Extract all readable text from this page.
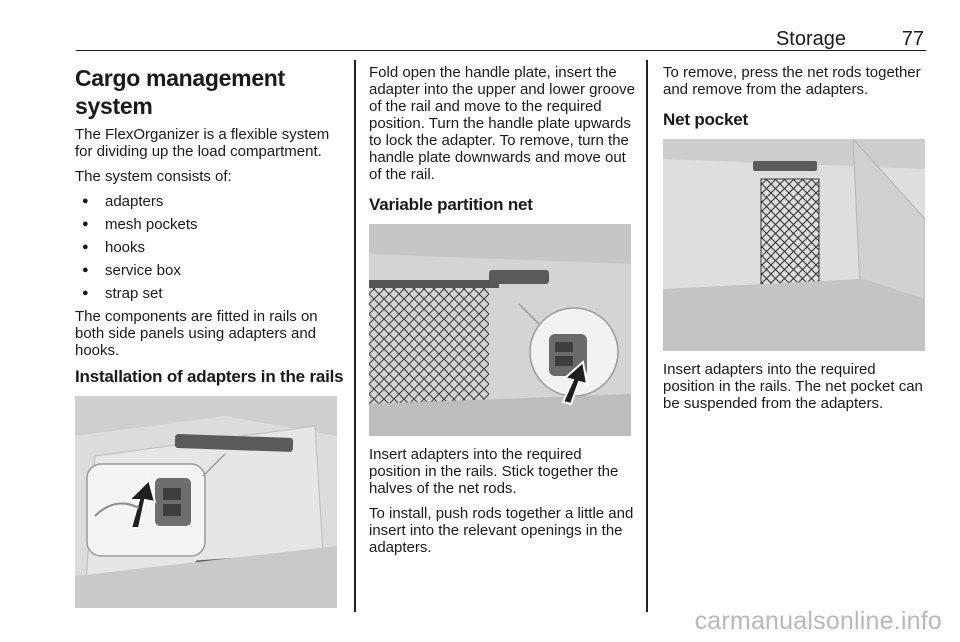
Storage	77
Cargo management system

The FlexOrganizer is a flexible system for dividing up the load compartment.

The system consists of:

● adapters
● mesh pockets
● hooks
● service box
● strap set

The components are fitted in rails on both side panels using adapters and hooks.

Installation of adapters in the rails

Fold open the handle plate, insert the adapter into the upper and lower groove of the rail and move to the required position. Turn the handle plate upwards to lock the adapter. To remove, turn the handle plate downwards and move out of the rail.

Variable partition net

Insert adapters into the required position in the rails. Stick together the halves of the net rods.

To install, push rods together a little and insert into the relevant openings in the adapters.

To remove, press the net rods together and remove from the adapters.

Net pocket

Insert adapters into the required position in the rails. The net pocket can be suspended from the adapters.

carmanualsonline.info
